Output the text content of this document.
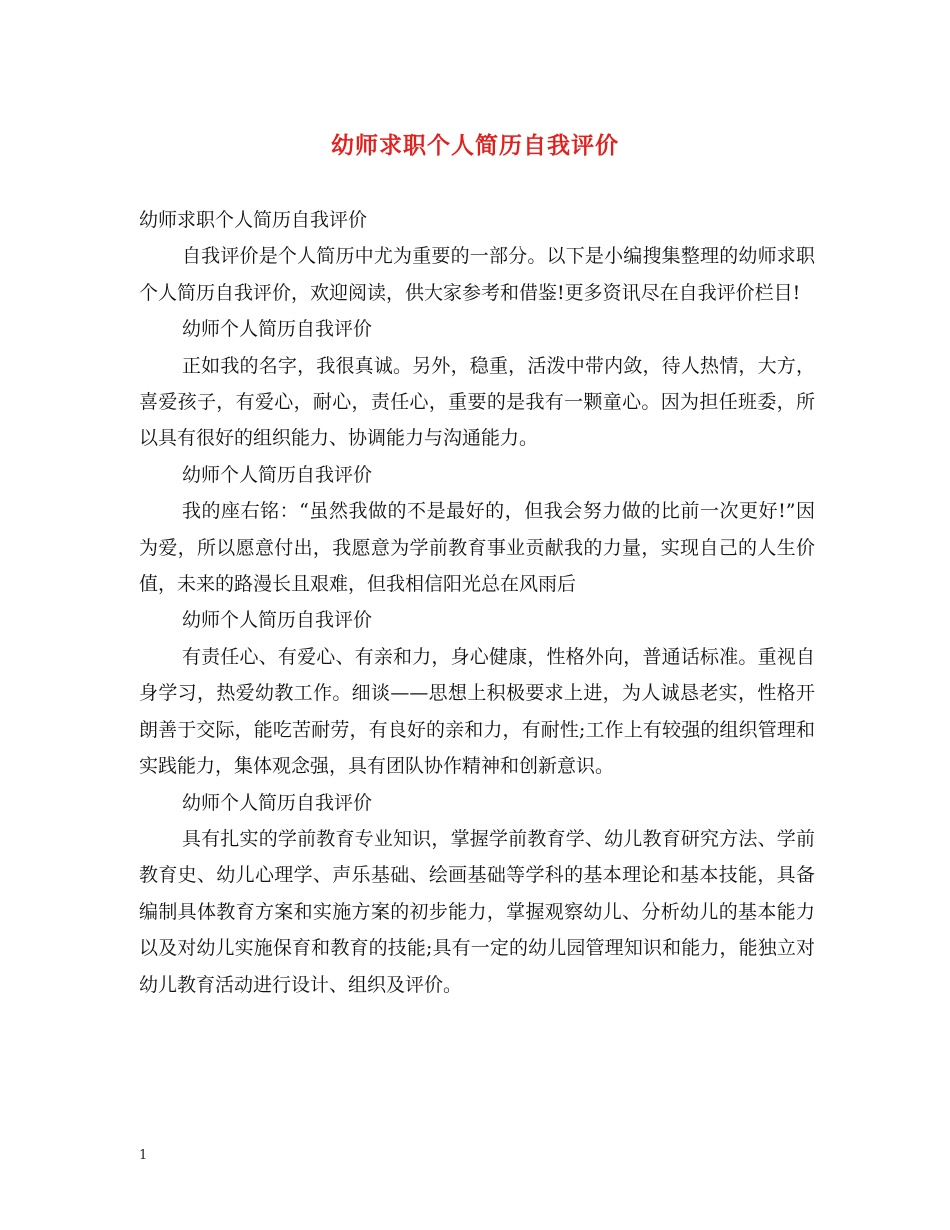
幼师求职个人简历自我评价

幼师求职个人简历自我评价

自我评价是个人简历中尤为重要的一部分。以下是小编搜集整理的幼师求职个人简历自我评价，欢迎阅读，供大家参考和借鉴!更多资讯尽在自我评价栏目!

幼师个人简历自我评价

正如我的名字，我很真诚。另外，稳重，活泼中带内敛，待人热情，大方，喜爱孩子，有爱心，耐心，责任心，重要的是我有一颗童心。因为担任班委，所以具有很好的组织能力、协调能力与沟通能力。

幼师个人简历自我评价

我的座右铭：“虽然我做的不是最好的，但我会努力做的比前一次更好!”因为爱，所以愿意付出，我愿意为学前教育事业贡献我的力量，实现自己的人生价值，未来的路漫长且艰难，但我相信阳光总在风雨后

幼师个人简历自我评价

有责任心、有爱心、有亲和力，身心健康，性格外向，普通话标准。重视自身学习，热爱幼教工作。细谈——思想上积极要求上进，为人诚恳老实，性格开朗善于交际，能吃苦耐劳，有良好的亲和力，有耐性;工作上有较强的组织管理和实践能力，集体观念强，具有团队协作精神和创新意识。

幼师个人简历自我评价

具有扎实的学前教育专业知识，掌握学前教育学、幼儿教育研究方法、学前教育史、幼儿心理学、声乐基础、绘画基础等学科的基本理论和基本技能，具备编制具体教育方案和实施方案的初步能力，掌握观察幼儿、分析幼儿的基本能力以及对幼儿实施保育和教育的技能;具有一定的幼儿园管理知识和能力，能独立对幼儿教育活动进行设计、组织及评价。

1
